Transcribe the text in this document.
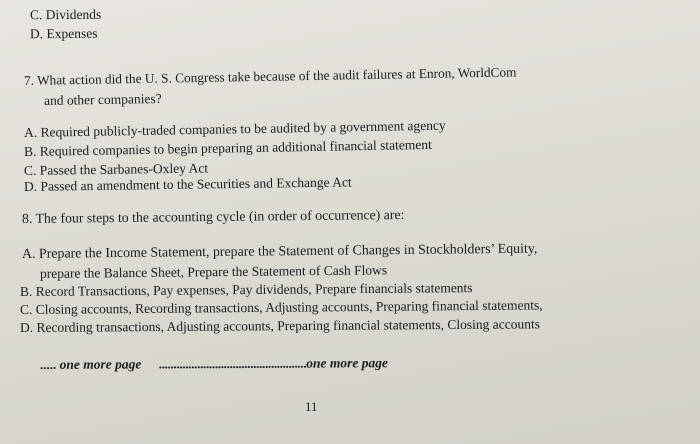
C. Dividends
D. Expenses
7. What action did the U. S. Congress take because of the audit failures at Enron, WorldCom
and other companies?
A. Required publicly-traded companies to be audited by a government agency
B. Required companies to begin preparing an additional financial statement
C. Passed the Sarbanes-Oxley Act
D. Passed an amendment to the Securities and Exchange Act
8. The four steps to the accounting cycle (in order of occurrence) are:
A. Prepare the Income Statement, prepare the Statement of Changes in Stockholders’ Equity,
prepare the Balance Sheet, Prepare the Statement of Cash Flows
B. Record Transactions, Pay expenses, Pay dividends, Prepare financials statements
C. Closing accounts, Recording transactions, Adjusting accounts, Preparing financial statements,
D. Recording transactions, Adjusting accounts, Preparing financial statements, Closing accounts
..... one more page ..................................................one more page
11
